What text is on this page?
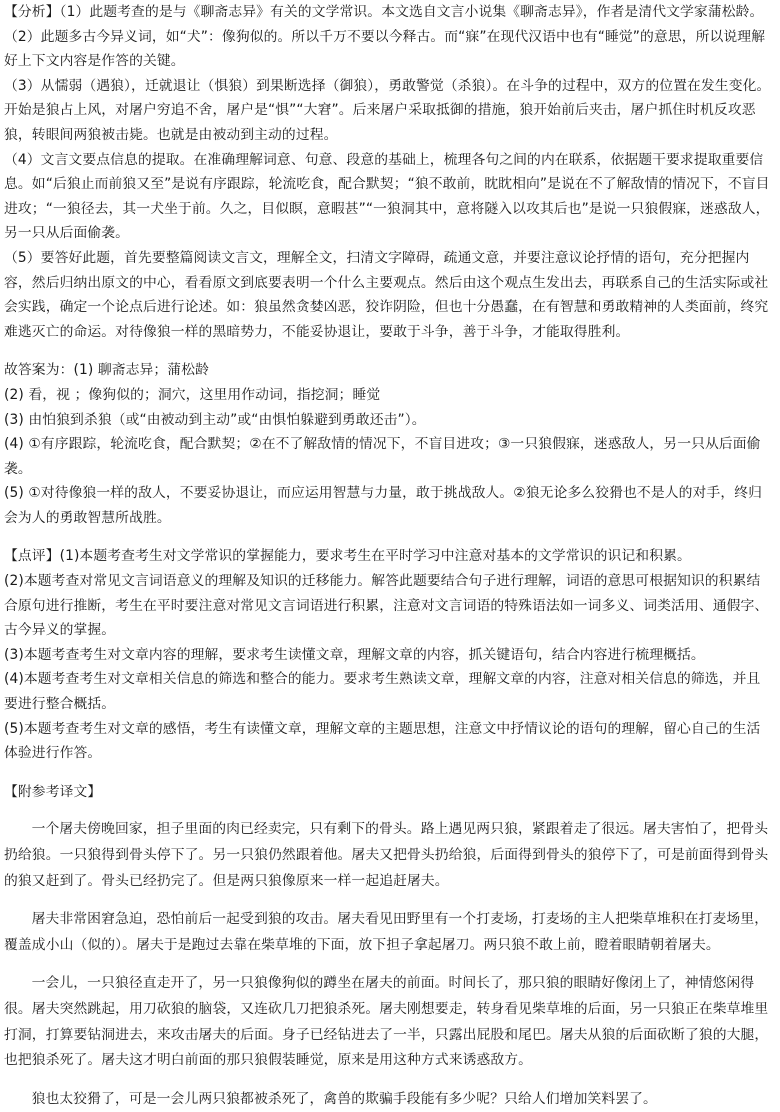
【分析】（1）此题考查的是与《聊斋志异》有关的文学常识。本文选自文言小说集《聊斋志异》，作者是清代文学家蒲松龄。

（2）此题多古今异义词，如“犬”：像狗似的。所以千万不要以今释古。而“寐”在现代汉语中也有“睡觉”的意思，所以说理解好上下文内容是作答的关键。

（3）从懦弱（遇狼），迁就退让（惧狼）到果断选择（御狼），勇敢警觉（杀狼）。在斗争的过程中，双方的位置在发生变化。开始是狼占上风，对屠户穷追不舍，屠户是“惧”“大窘”。后来屠户采取抵御的措施，狼开始前后夹击，屠户抓住时机反攻恶狼，转眼间两狼被击毙。也就是由被动到主动的过程。

（4）文言文要点信息的提取。在准确理解词意、句意、段意的基础上，梳理各句之间的内在联系，依据题干要求提取重要信息。如“后狼止而前狼又至”是说有序跟踪，轮流吃食，配合默契；“狼不敢前，眈眈相向”是说在不了解敌情的情况下，不盲目进攻；“一狼径去，其一犬坐于前。久之，目似瞑，意暇甚”“一狼洞其中，意将隧入以攻其后也”是说一只狼假寐，迷惑敌人，另一只从后面偷袭。

（5）要答好此题，首先要整篇阅读文言文，理解全文，扫清文字障碍，疏通文意，并要注意议论抒情的语句，充分把握内容，然后归纳出原文的中心，看看原文到底要表明一个什么主要观点。然后由这个观点生发出去，再联系自己的生活实际或社会实践，确定一个论点后进行论述。如：狼虽然贪婪凶恶，狡诈阴险，但也十分愚蠢，在有智慧和勇敢精神的人类面前，终究难逃灭亡的命运。对待像狼一样的黑暗势力，不能妥协退让，要敢于斗争，善于斗争，才能取得胜利。

故答案为：(1) 聊斋志异；蒲松龄

(2) 看，视 ；像狗似的；洞穴，这里用作动词，指挖洞；睡觉

(3) 由怕狼到杀狼（或“由被动到主动”或“由惧怕躲避到勇敢还击”）。

(4) ①有序跟踪，轮流吃食，配合默契；②在不了解敌情的情况下，不盲目进攻；③一只狼假寐，迷惑敌人，另一只从后面偷袭。

(5) ①对待像狼一样的敌人，不要妥协退让，而应运用智慧与力量，敢于挑战敌人。②狼无论多么狡猾也不是人的对手，终归会为人的勇敢智慧所战胜。

【点评】(1)本题考查考生对文学常识的掌握能力，要求考生在平时学习中注意对基本的文学常识的识记和积累。

(2)本题考查对常见文言词语意义的理解及知识的迁移能力。解答此题要结合句子进行理解，词语的意思可根据知识的积累结合原句进行推断，考生在平时要注意对常见文言词语进行积累，注意对文言词语的特殊语法如一词多义、词类活用、通假字、古今异义的掌握。

(3)本题考查考生对文章内容的理解，要求考生读懂文章，理解文章的内容，抓关键语句，结合内容进行梳理概括。

(4)本题考查考生对文章相关信息的筛选和整合的能力。要求考生熟读文章，理解文章的内容，注意对相关信息的筛选，并且要进行整合概括。

(5)本题考查考生对文章的感悟，考生有读懂文章，理解文章的主题思想，注意文中抒情议论的语句的理解，留心自己的生活体验进行作答。

【附参考译文】

一个屠夫傍晚回家，担子里面的肉已经卖完，只有剩下的骨头。路上遇见两只狼，紧跟着走了很远。屠夫害怕了，把骨头扔给狼。一只狼得到骨头停下了。另一只狼仍然跟着他。屠夫又把骨头扔给狼，后面得到骨头的狼停下了，可是前面得到骨头的狼又赶到了。骨头已经扔完了。但是两只狼像原来一样一起追赶屠夫。

屠夫非常困窘急迫，恐怕前后一起受到狼的攻击。屠夫看见田野里有一个打麦场，打麦场的主人把柴草堆积在打麦场里，覆盖成小山（似的）。屠夫于是跑过去靠在柴草堆的下面，放下担子拿起屠刀。两只狼不敢上前，瞪着眼睛朝着屠夫。

一会儿，一只狼径直走开了，另一只狼像狗似的蹲坐在屠夫的前面。时间长了，那只狼的眼睛好像闭上了，神情悠闲得很。屠夫突然跳起，用刀砍狼的脑袋，又连砍几刀把狼杀死。屠夫刚想要走，转身看见柴草堆的后面，另一只狼正在柴草堆里打洞，打算要钻洞进去，来攻击屠夫的后面。身子已经钻进去了一半，只露出屁股和尾巴。屠夫从狼的后面砍断了狼的大腿，也把狼杀死了。屠夫这才明白前面的那只狼假装睡觉，原来是用这种方式来诱惑敌方。

狼也太狡猾了，可是一会儿两只狼都被杀死了，禽兽的欺骗手段能有多少呢？只给人们增加笑料罢了。
